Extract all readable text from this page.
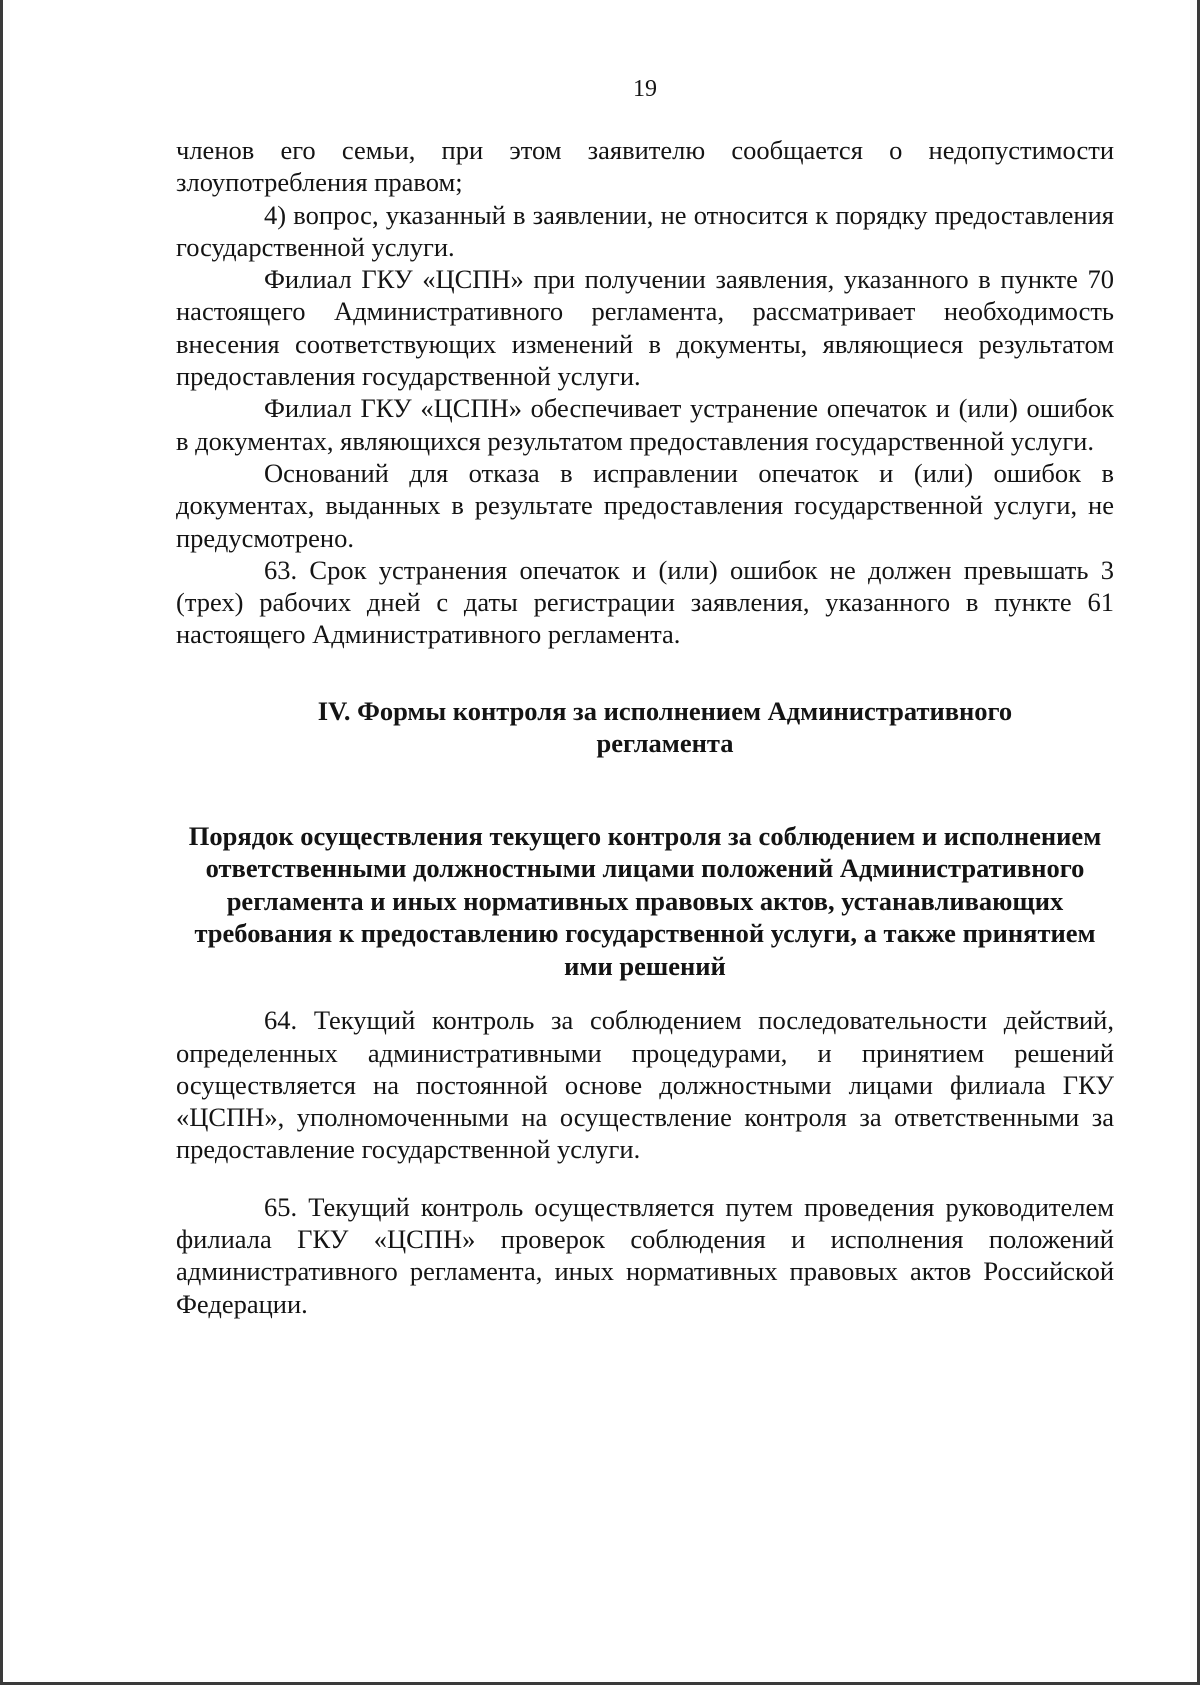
19

членов его семьи, при этом заявителю сообщается о недопустимости злоупотребления правом;

4) вопрос, указанный в заявлении, не относится к порядку предоставления государственной услуги.

Филиал ГКУ «ЦСПН» при получении заявления, указанного в пункте 70 настоящего Административного регламента, рассматривает необходимость внесения соответствующих изменений в документы, являющиеся результатом предоставления государственной услуги.

Филиал ГКУ «ЦСПН» обеспечивает устранение опечаток и (или) ошибок в документах, являющихся результатом предоставления государственной услуги.

Оснований для отказа в исправлении опечаток и (или) ошибок в документах, выданных в результате предоставления государственной услуги, не предусмотрено.

63. Срок устранения опечаток и (или) ошибок не должен превышать 3 (трех) рабочих дней с даты регистрации заявления, указанного в пункте 61 настоящего Административного регламента.

IV. Формы контроля за исполнением Административного регламента
Порядок осуществления текущего контроля за соблюдением и исполнением ответственными должностными лицами положений Административного регламента и иных нормативных правовых актов, устанавливающих требования к предоставлению государственной услуги, а также принятием ими решений

64. Текущий контроль за соблюдением последовательности действий, определенных административными процедурами, и принятием решений осуществляется на постоянной основе должностными лицами филиала ГКУ «ЦСПН», уполномоченными на осуществление контроля за ответственными за предоставление государственной услуги.

65. Текущий контроль осуществляется путем проведения руководителем филиала ГКУ «ЦСПН» проверок соблюдения и исполнения положений административного регламента, иных нормативных правовых актов Российской Федерации.
